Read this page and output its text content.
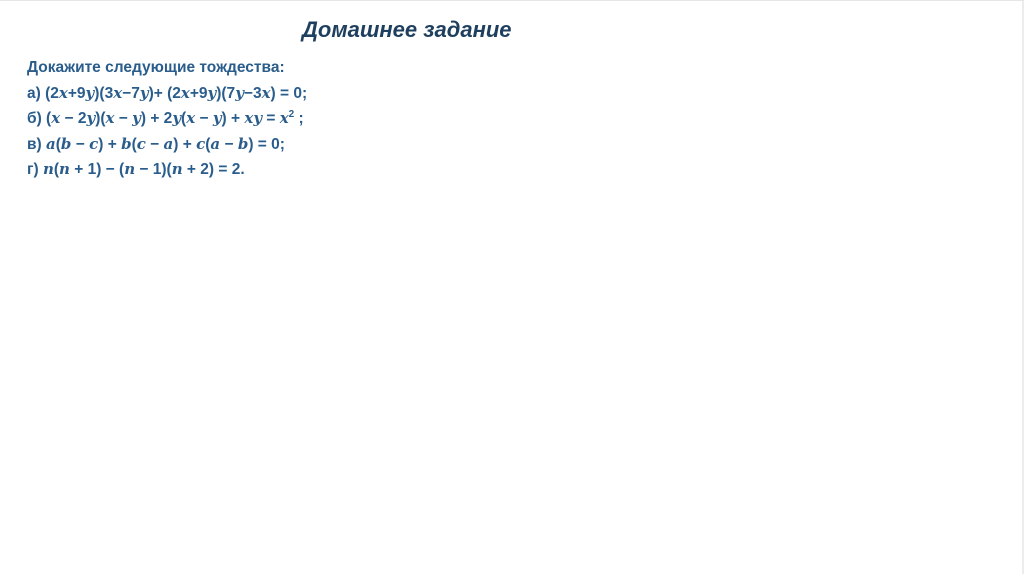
Домашнее задание
Докажите следующие тождества:
а) (2x+9y)(3x−7y)+ (2x+9y)(7y−3x) = 0;
б) (x − 2y)(x − y) + 2y(x − y) + xy = $x^2$ ;
в) a(b − c) + b(c − a) + c(a − b) = 0;
г) n(n + 1) − (n − 1)(n + 2) = 2.
